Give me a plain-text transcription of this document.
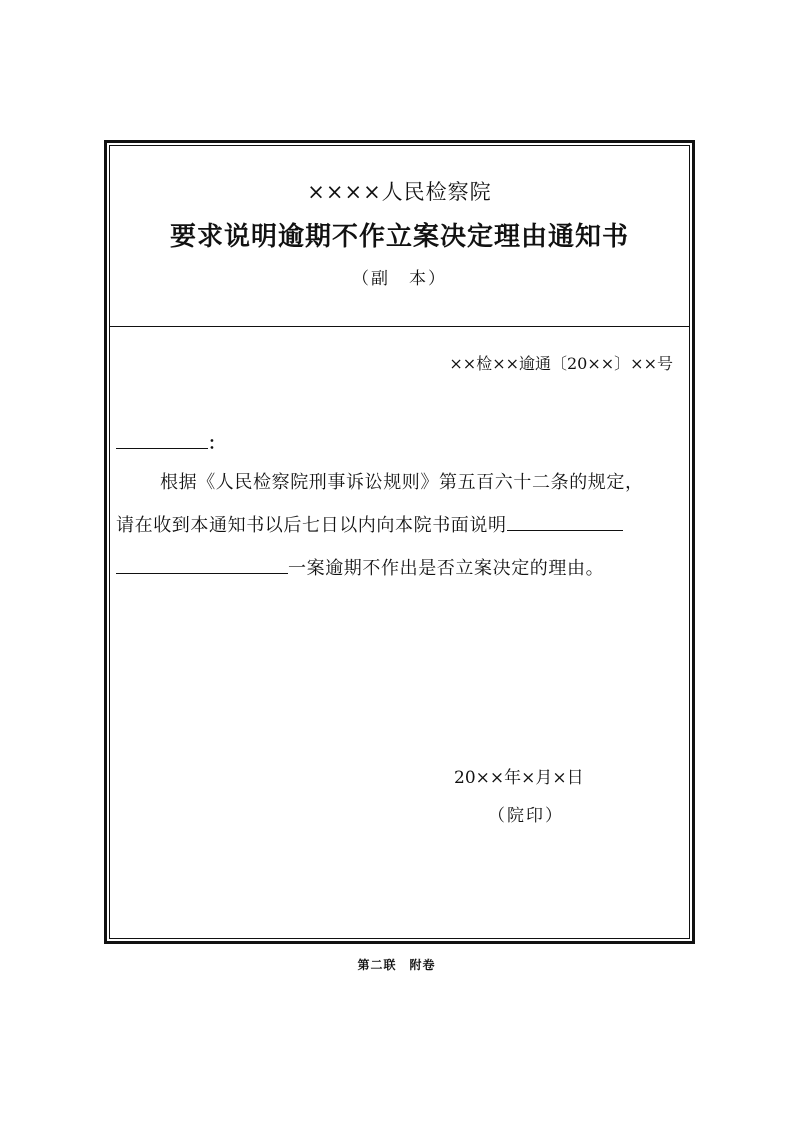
××××人民检察院
要求说明逾期不作立案决定理由通知书
（副　本）
××检××逾通〔20××〕××号
：
根据《人民检察院刑事诉讼规则》第五百六十二条的规定，
请在收到本通知书以后七日以内向本院书面说明
一案逾期不作出是否立案决定的理由。
20××年×月×日
（院印）
第二联　附卷
